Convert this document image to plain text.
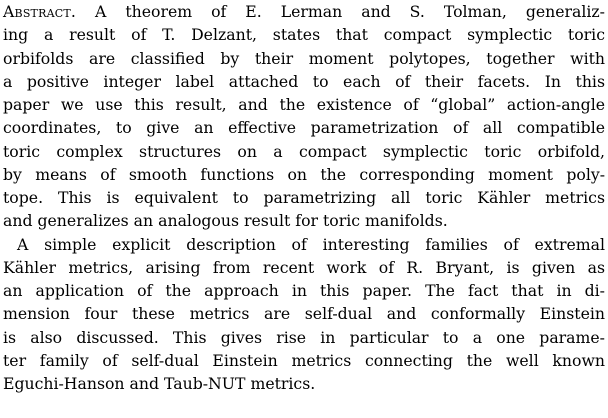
Abstract. A theorem of E. Lerman and S. Tolman, generaliz-
ing a result of T. Delzant, states that compact symplectic toric
orbifolds are classified by their moment polytopes, together with
a positive integer label attached to each of their facets. In this
paper we use this result, and the existence of “global” action-angle
coordinates, to give an effective parametrization of all compatible
toric complex structures on a compact symplectic toric orbifold,
by means of smooth functions on the corresponding moment poly-
tope. This is equivalent to parametrizing all toric Kähler metrics
and generalizes an analogous result for toric manifolds.
A simple explicit description of interesting families of extremal
Kähler metrics, arising from recent work of R. Bryant, is given as
an application of the approach in this paper. The fact that in di-
mension four these metrics are self-dual and conformally Einstein
is also discussed. This gives rise in particular to a one parame-
ter family of self-dual Einstein metrics connecting the well known
Eguchi-Hanson and Taub-NUT metrics.
